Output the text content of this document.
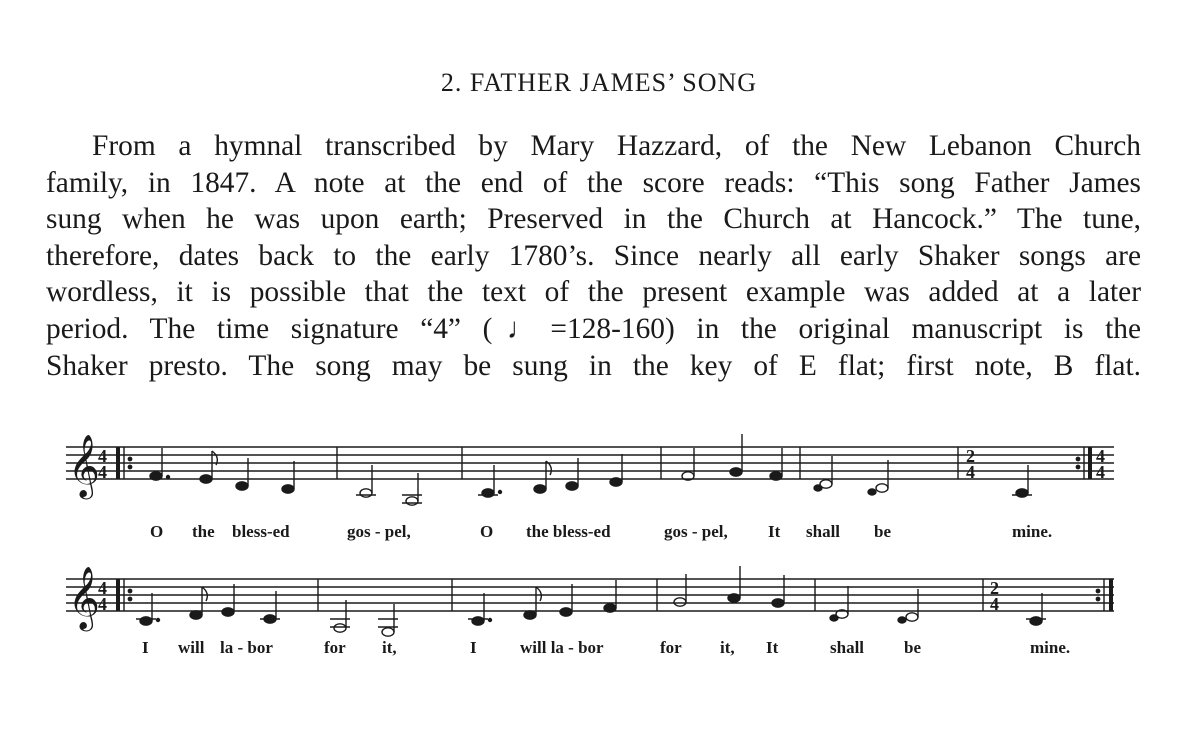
2. FATHER JAMES’ SONG
From a hymnal transcribed by Mary Hazzard, of the New Lebanon Church
family, in 1847. A note at the end of the score reads: “This song Father James
sung when he was upon earth; Preserved in the Church at Hancock.” The tune,
therefore, dates back to the early 1780’s. Since nearly all early Shaker songs are
wordless, it is possible that the text of the present example was added at a later
period. The time signature “4” (♩=128-160) in the original manuscript is the
Shaker presto. The song may be sung in the key of E flat; first note, B flat.
𝄞
𝄞
4
4
4
4
2
4
2
4
4
4
O the bless-ed	gos - pel,	O the bless-ed	gos - pel, It shall be	mine.
I will la - bor	for it,	I	will la - bor	for it, It	shall be	mine.
